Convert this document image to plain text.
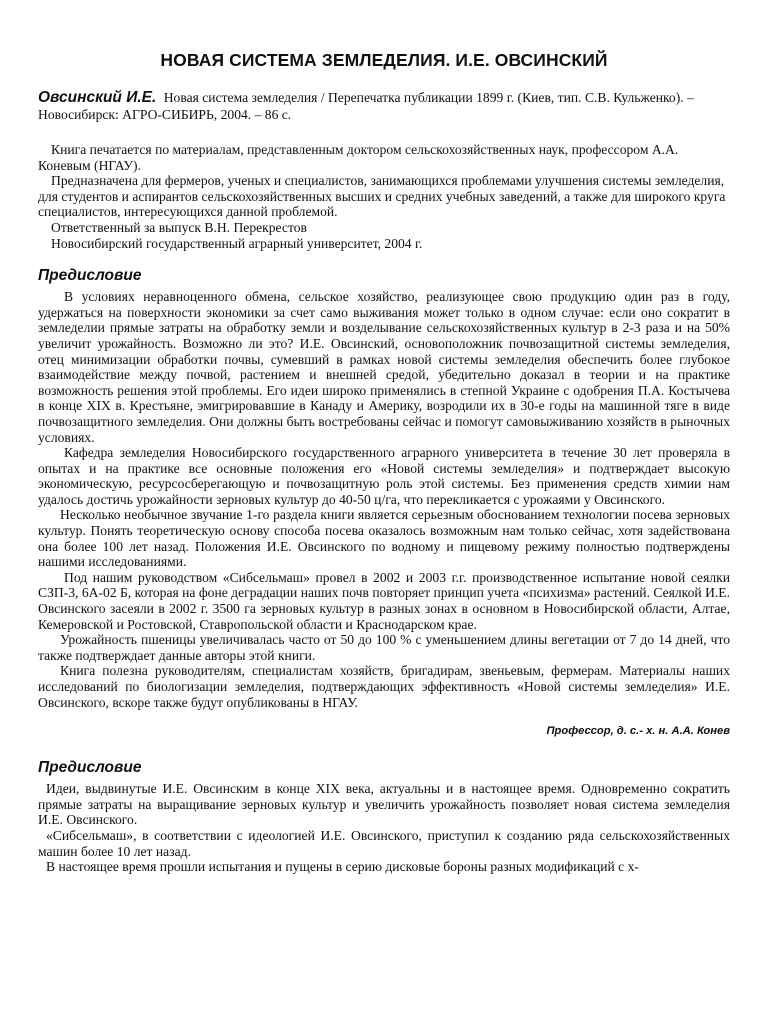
НОВАЯ СИСТЕМА ЗЕМЛЕДЕЛИЯ. И.Е. ОВСИНСКИЙ
Овсинский И.Е. Новая система земледелия / Перепечатка публикации 1899 г. (Киев, тип. С.В. Кульженко). – Новосибирск: АГРО-СИБИРЬ, 2004. – 86 с.

Книга печатается по материалам, представленным доктором сельскохозяйственных наук, профессором А.А. Коневым (НГАУ).

Предназначена для фермеров, ученых и специалистов, занимающихся проблемами улучшения системы земледелия, для студентов и аспирантов сельскохозяйственных высших и средних учебных заведений, а также для широкого круга специалистов, интересующихся данной проблемой.

Ответственный за выпуск В.Н. Перекрестов

Новосибирский государственный аграрный университет, 2004 г.

Предисловие

В условиях неравноценного обмена, сельское хозяйство, реализующее свою продукцию один раз в году, удержаться на поверхности экономики за счет само выживания может только в одном случае: если оно сократит в земледелии прямые затраты на обработку земли и возделывание сельскохозяйственных культур в 2-3 раза и на 50% увеличит урожайность. Возможно ли это? И.Е. Овсинский, основоположник почвозащитной системы земледелия, отец минимизации обработки почвы, сумевший в рамках новой системы земледелия обеспечить более глубокое взаимодействие между почвой, растением и внешней средой, убедительно доказал в теории и на практике возможность решения этой проблемы. Его идеи широко применялись в степной Украине с одобрения П.А. Костычева в конце XIX в. Крестьяне, эмигрировавшие в Канаду и Америку, возродили их в 30-е годы на машинной тяге в виде почвозащитного земледелия. Они должны быть востребованы сейчас и помогут самовыживанию хозяйств в рыночных условиях.

Кафедра земледелия Новосибирского государственного аграрного университета в течение 30 лет проверяла в опытах и на практике все основные положения его «Новой системы земледелия» и подтверждает высокую экономическую, ресурсосберегающую и почвозащитную роль этой системы. Без применения средств химии нам удалось достичь урожайности зерновых культур до 40-50 ц/га, что перекликается с урожаями у Овсинского.

Несколько необычное звучание 1-го раздела книги является серьезным обоснованием технологии посева зерновых культур. Понять теоретическую основу способа посева оказалось возможным нам только сейчас, хотя задействована она более 100 лет назад. Положения И.Е. Овсинского по водному и пищевому режиму полностью подтверждены нашими исследованиями.

Под нашим руководством «Сибсельмаш» провел в 2002 и 2003 г.г. производственное испытание новой сеялки СЗП-3, 6А-02 Б, которая на фоне деградации наших почв повторяет принцип учета «психизма» растений. Сеялкой И.Е. Овсинского засеяли в 2002 г. 3500 га зерновых культур в разных зонах в основном в Новосибирской области, Алтае, Кемеровской и Ростовской, Ставропольской области и Краснодарском крае.

Урожайность пшеницы увеличивалась часто от 50 до 100 % с уменьшением длины вегетации от 7 до 14 дней, что также подтверждает данные авторы этой книги.

Книга полезна руководителям, специалистам хозяйств, бригадирам, звеньевым, фермерам. Материалы наших исследований по биологизации земледелия, подтверждающих эффективность «Новой системы земледелия» И.Е. Овсинского, вскоре также будут опубликованы в НГАУ.

Профессор, д. с.- х. н. А.А. Конев
Предисловие

Идеи, выдвинутые И.Е. Овсинским в конце XIX века, актуальны и в настоящее время. Одновременно сократить прямые затраты на выращивание зерновых культур и увеличить урожайность позволяет новая система земледелия И.Е. Овсинского.

«Сибсельмаш», в соответствии с идеологией И.Е. Овсинского, приступил к созданию ряда сельскохозяйственных машин более 10 лет назад.

В настоящее время прошли испытания и пущены в серию дисковые бороны разных модификаций с х-
